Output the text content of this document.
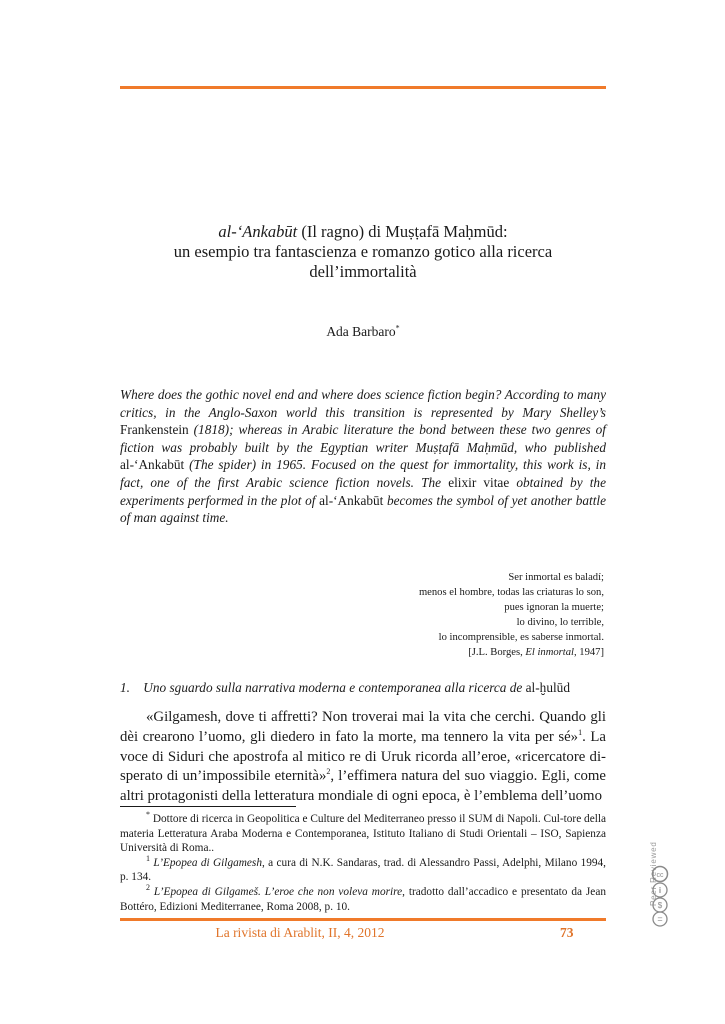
al-‘Ankabūt (Il ragno) di Muṣṭafā Maḥmūd:
un esempio tra fantascienza e romanzo gotico alla ricerca
dell’immortalità
Ada Barbaro*
Where does the gothic novel end and where does science fiction begin? According to many critics, in the Anglo-Saxon world this transition is represented by Mary Shelley’s Frankenstein (1818); whereas in Arabic literature the bond between these two genres of fiction was probably built by the Egyptian writer Muṣṭafā Maḥmūd, who published al-‘Ankabūt (The spider) in 1965. Focused on the quest for immortality, this work is, in fact, one of the first Arabic science fiction novels. The elixir vitae obtained by the experiments performed in the plot of al-‘Ankabūt becomes the symbol of yet another battle of man against time.
Ser inmortal es baladí;
menos el hombre, todas las criaturas lo son,
pues ignoran la muerte;
lo divino, lo terrible,
lo incomprensible, es saberse inmortal.
[J.L. Borges, El inmortal, 1947]
1. Uno sguardo sulla narrativa moderna e contemporanea alla ricerca de al-ḫulūd

«Gilgamesh, dove ti affretti? Non troverai mai la vita che cerchi. Quando gli dèi crearono l’uomo, gli diedero in fato la morte, ma tennero la vita per sé»$^1$. La voce di Siduri che apostrofa al mitico re di Uruk ricorda all’eroe, «ricercatore di-sperato di un’impossibile eternità»$^2$, l’effimera natura del suo viaggio. Egli, come altri protagonisti della letteratura mondiale di ogni epoca, è l’emblema dell’uomo

* Dottore di ricerca in Geopolitica e Culture del Mediterraneo presso il SUM di Napoli. Cul-tore della materia Letteratura Araba Moderna e Contemporanea, Istituto Italiano di Studi Orientali – ISO, Sapienza Università di Roma..

$^1$ L’Epopea di Gilgamesh, a cura di N.K. Sandaras, trad. di Alessandro Passi, Adelphi, Milano 1994, p. 134.

$^2$ L’Epopea di Gilgameš. L’eroe che non voleva morire, tradotto dall’accadico e presentato da Jean Bottéro, Edizioni Mediterranee, Roma 2008, p. 10.

La rivista di Arablit, II, 4, 2012	73
Peer Reviewed
cc
i
$
=
